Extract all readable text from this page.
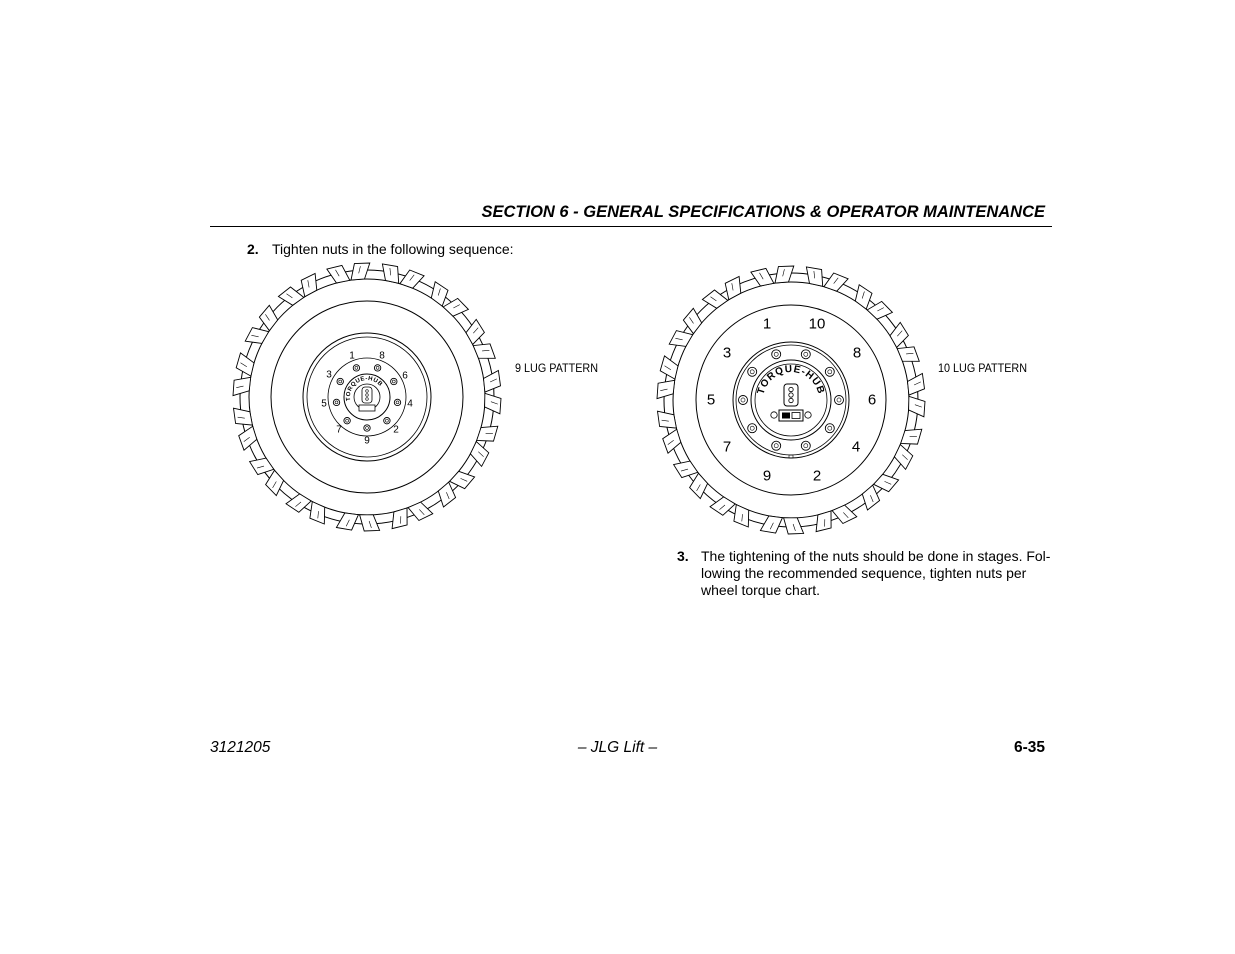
SECTION 6 - GENERAL SPECIFICATIONS & OPERATOR MAINTENANCE
2. Tighten nuts in the following sequence:
TORQUE-HUB
1 8
3	6
5	4
7	2
9
9 LUG PATTERN
TORQUE-HUB
1 10
3	8
5	6
7	4
9	2
10 LUG PATTERN
3. The tightening of the nuts should be done in stages. Fol-
lowing the recommended sequence, tighten nuts per
wheel torque chart.
3121205	– JLG Lift –	6-35
